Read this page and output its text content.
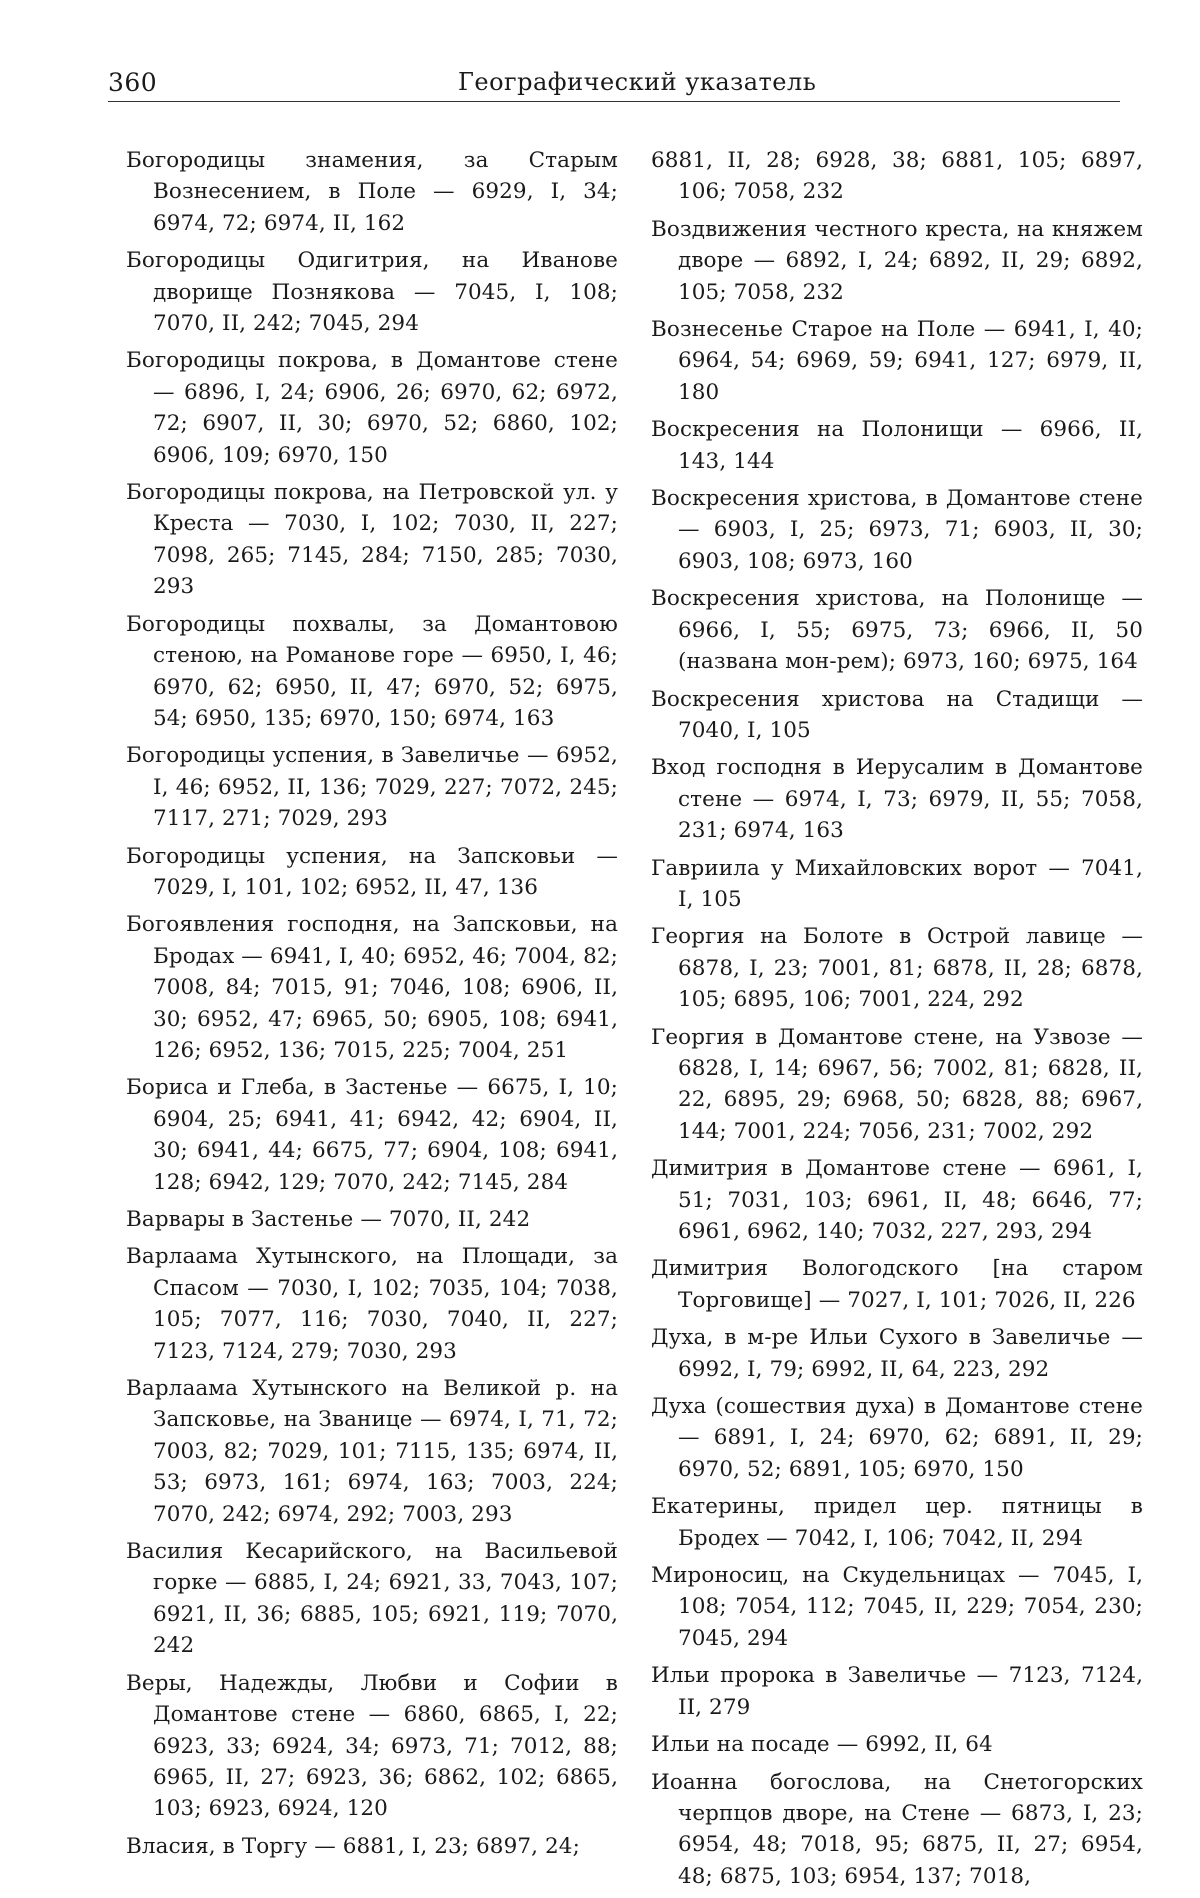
360	Географический указатель

Богородицы знамения, за Старым Вознесением, в Поле — 6929, I, 34; 6974, 72; 6974, II, 162

Богородицы Одигитрия, на Иванове дворище Познякова — 7045, I, 108; 7070, II, 242; 7045, 294

Богородицы покрова, в Домантове стене — 6896, I, 24; 6906, 26; 6970, 62; 6972, 72; 6907, II, 30; 6970, 52; 6860, 102; 6906, 109; 6970, 150

Богородицы покрова, на Петровской ул. у Креста — 7030, I, 102; 7030, II, 227; 7098, 265; 7145, 284; 7150, 285; 7030, 293

Богородицы похвалы, за Домантовою стеною, на Романове горе — 6950, I, 46; 6970, 62; 6950, II, 47; 6970, 52; 6975, 54; 6950, 135; 6970, 150; 6974, 163

Богородицы успения, в Завеличье — 6952, I, 46; 6952, II, 136; 7029, 227; 7072, 245; 7117, 271; 7029, 293

Богородицы успения, на Запсковьи — 7029, I, 101, 102; 6952, II, 47, 136

Богоявления господня, на Запсковьи, на Бродах — 6941, I, 40; 6952, 46; 7004, 82; 7008, 84; 7015, 91; 7046, 108; 6906, II, 30; 6952, 47; 6965, 50; 6905, 108; 6941, 126; 6952, 136; 7015, 225; 7004, 251

Бориса и Глеба, в Застенье — 6675, I, 10; 6904, 25; 6941, 41; 6942, 42; 6904, II, 30; 6941, 44; 6675, 77; 6904, 108; 6941, 128; 6942, 129; 7070, 242; 7145, 284

Варвары в Застенье — 7070, II, 242

Варлаама Хутынского, на Площади, за Спасом — 7030, I, 102; 7035, 104; 7038, 105; 7077, 116; 7030, 7040, II, 227; 7123, 7124, 279; 7030, 293

Варлаама Хутынского на Великой р. на Запсковье, на Званице — 6974, I, 71, 72; 7003, 82; 7029, 101; 7115, 135; 6974, II, 53; 6973, 161; 6974, 163; 7003, 224; 7070, 242; 6974, 292; 7003, 293

Василия Кесарийского, на Васильевой горке — 6885, I, 24; 6921, 33, 7043, 107; 6921, II, 36; 6885, 105; 6921, 119; 7070, 242

Веры, Надежды, Любви и Софии в Домантове стене — 6860, 6865, I, 22; 6923, 33; 6924, 34; 6973, 71; 7012, 88; 6965, II, 27; 6923, 36; 6862, 102; 6865, 103; 6923, 6924, 120

Власия, в Торгу — 6881, I, 23; 6897, 24;

6881, II, 28; 6928, 38; 6881, 105; 6897, 106; 7058, 232

Воздвижения честного креста, на княжем дворе — 6892, I, 24; 6892, II, 29; 6892, 105; 7058, 232

Вознесенье Старое на Поле — 6941, I, 40; 6964, 54; 6969, 59; 6941, 127; 6979, II, 180

Воскресения на Полонищи — 6966, II, 143, 144

Воскресения христова, в Домантове стене — 6903, I, 25; 6973, 71; 6903, II, 30; 6903, 108; 6973, 160

Воскресения христова, на Полонище — 6966, I, 55; 6975, 73; 6966, II, 50 (названа мон-рем); 6973, 160; 6975, 164

Воскресения христова на Стадищи — 7040, I, 105

Вход господня в Иерусалим в Домантове стене — 6974, I, 73; 6979, II, 55; 7058, 231; 6974, 163

Гавриила у Михайловских ворот — 7041, I, 105

Георгия на Болоте в Острой лавице — 6878, I, 23; 7001, 81; 6878, II, 28; 6878, 105; 6895, 106; 7001, 224, 292

Георгия в Домантове стене, на Узвозе — 6828, I, 14; 6967, 56; 7002, 81; 6828, II, 22, 6895, 29; 6968, 50; 6828, 88; 6967, 144; 7001, 224; 7056, 231; 7002, 292

Димитрия в Домантове стене — 6961, I, 51; 7031, 103; 6961, II, 48; 6646, 77; 6961, 6962, 140; 7032, 227, 293, 294

Димитрия Вологодского [на старом Торговище] — 7027, I, 101; 7026, II, 226

Духа, в м-ре Ильи Сухого в Завеличье — 6992, I, 79; 6992, II, 64, 223, 292

Духа (сошествия духа) в Домантове стене — 6891, I, 24; 6970, 62; 6891, II, 29; 6970, 52; 6891, 105; 6970, 150

Екатерины, придел цер. пятницы в Бродех — 7042, I, 106; 7042, II, 294

Мироносиц, на Скудельницах — 7045, I, 108; 7054, 112; 7045, II, 229; 7054, 230; 7045, 294

Ильи пророка в Завеличье — 7123, 7124, II, 279

Ильи на посаде — 6992, II, 64

Иоанна богослова, на Снетогорских черпцов дворе, на Стене — 6873, I, 23; 6954, 48; 7018, 95; 6875, II, 27; 6954, 48; 6875, 103; 6954, 137; 7018,
